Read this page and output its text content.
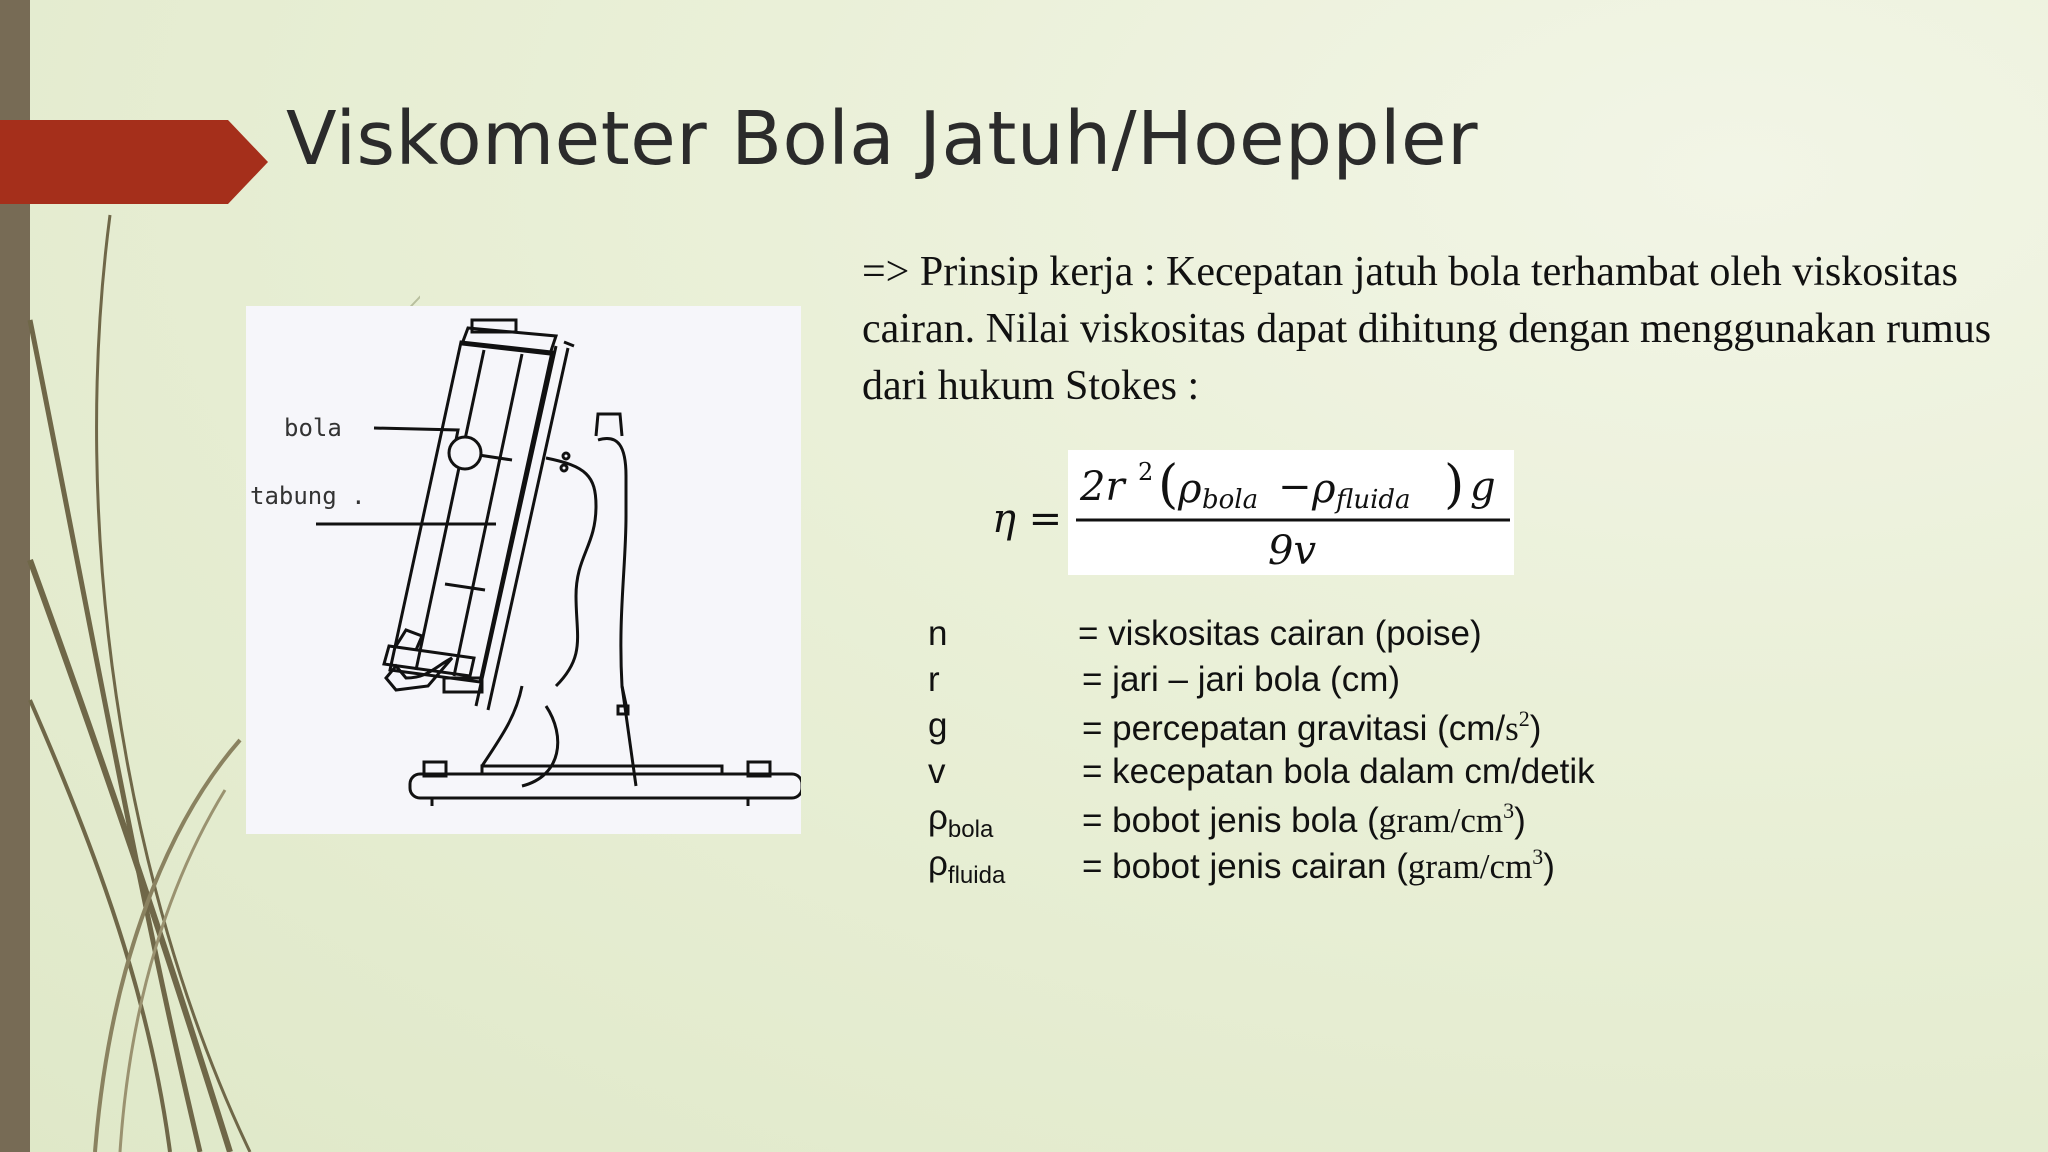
Viskometer Bola Jatuh/Hoeppler
bola
tabung .
=> Prinsip kerja : Kecepatan jatuh bola terhambat oleh viskositas cairan. Nilai viskositas dapat dihitung dengan menggunakan rumus dari hukum Stokes :
η =
2r 2 ( ρ bola − ρ fluida ) g
9v
n	= viskositas cairan (poise)
r	= jari – jari bola (cm)
g	= percepatan gravitasi $(cm/s^2)$
v	= kecepatan bola dalam cm/detik
$\rho_{bola}$	= bobot jenis bola $(gram/cm^3)$
$\rho_{fluida}$ = bobot jenis cairan $(gram/cm^3)$
